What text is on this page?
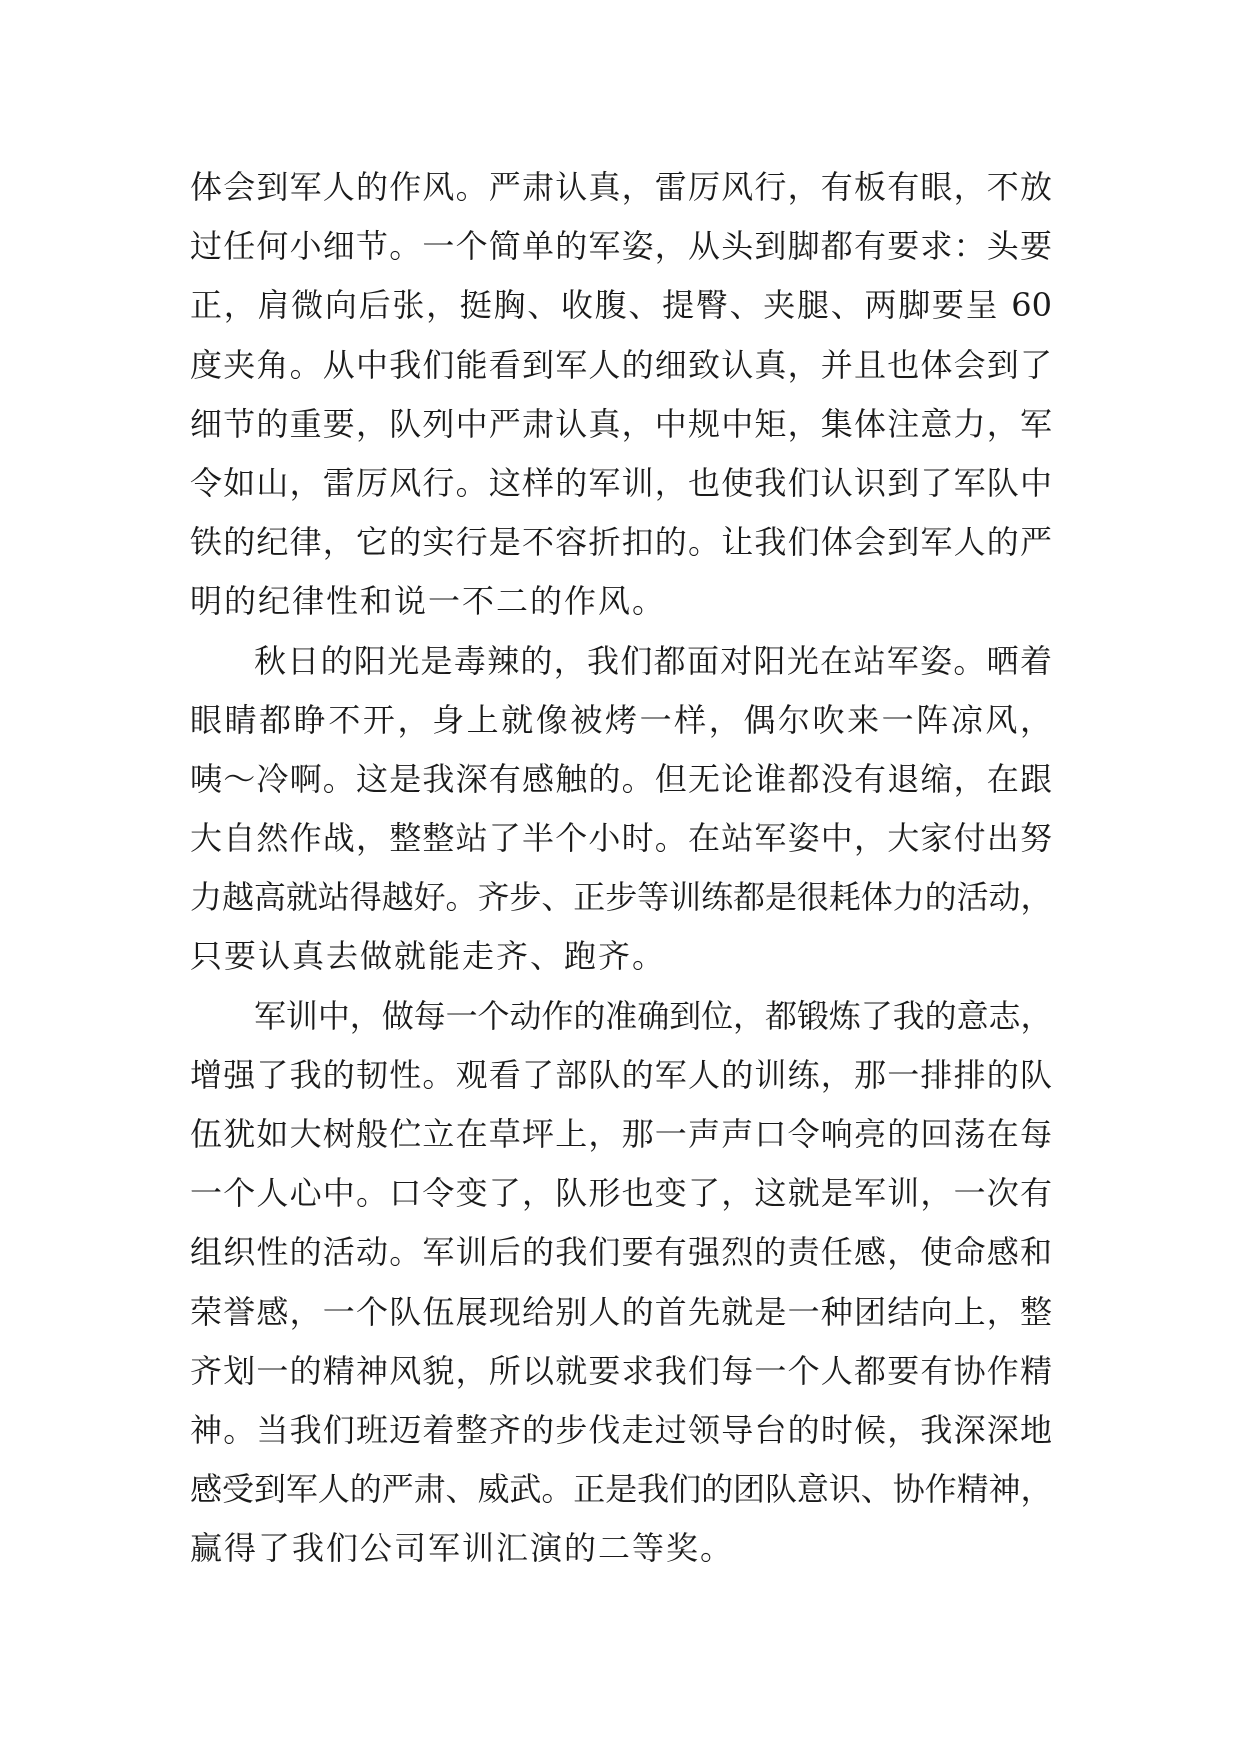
体会到军人的作风。严肃认真，雷厉风行，有板有眼，不放
过任何小细节。一个简单的军姿，从头到脚都有要求：头要
正，肩微向后张，挺胸、收腹、提臀、夹腿、两脚要呈 60
度夹角。从中我们能看到军人的细致认真，并且也体会到了
细节的重要，队列中严肃认真，中规中矩，集体注意力，军
令如山，雷厉风行。这样的军训，也使我们认识到了军队中
铁的纪律，它的实行是不容折扣的。让我们体会到军人的严
明的纪律性和说一不二的作风。
秋日的阳光是毒辣的，我们都面对阳光在站军姿。晒着
眼睛都睁不开，身上就像被烤一样，偶尔吹来一阵凉风，
咦～冷啊。这是我深有感触的。但无论谁都没有退缩，在跟
大自然作战，整整站了半个小时。在站军姿中，大家付出努
力越高就站得越好。齐步、正步等训练都是很耗体力的活动，
只要认真去做就能走齐、跑齐。
军训中，做每一个动作的准确到位，都锻炼了我的意志，
增强了我的韧性。观看了部队的军人的训练，那一排排的队
伍犹如大树般伫立在草坪上，那一声声口令响亮的回荡在每
一个人心中。口令变了，队形也变了，这就是军训，一次有
组织性的活动。军训后的我们要有强烈的责任感，使命感和
荣誉感，一个队伍展现给别人的首先就是一种团结向上，整
齐划一的精神风貌，所以就要求我们每一个人都要有协作精
神。当我们班迈着整齐的步伐走过领导台的时候，我深深地
感受到军人的严肃、威武。正是我们的团队意识、协作精神，
赢得了我们公司军训汇演的二等奖。
